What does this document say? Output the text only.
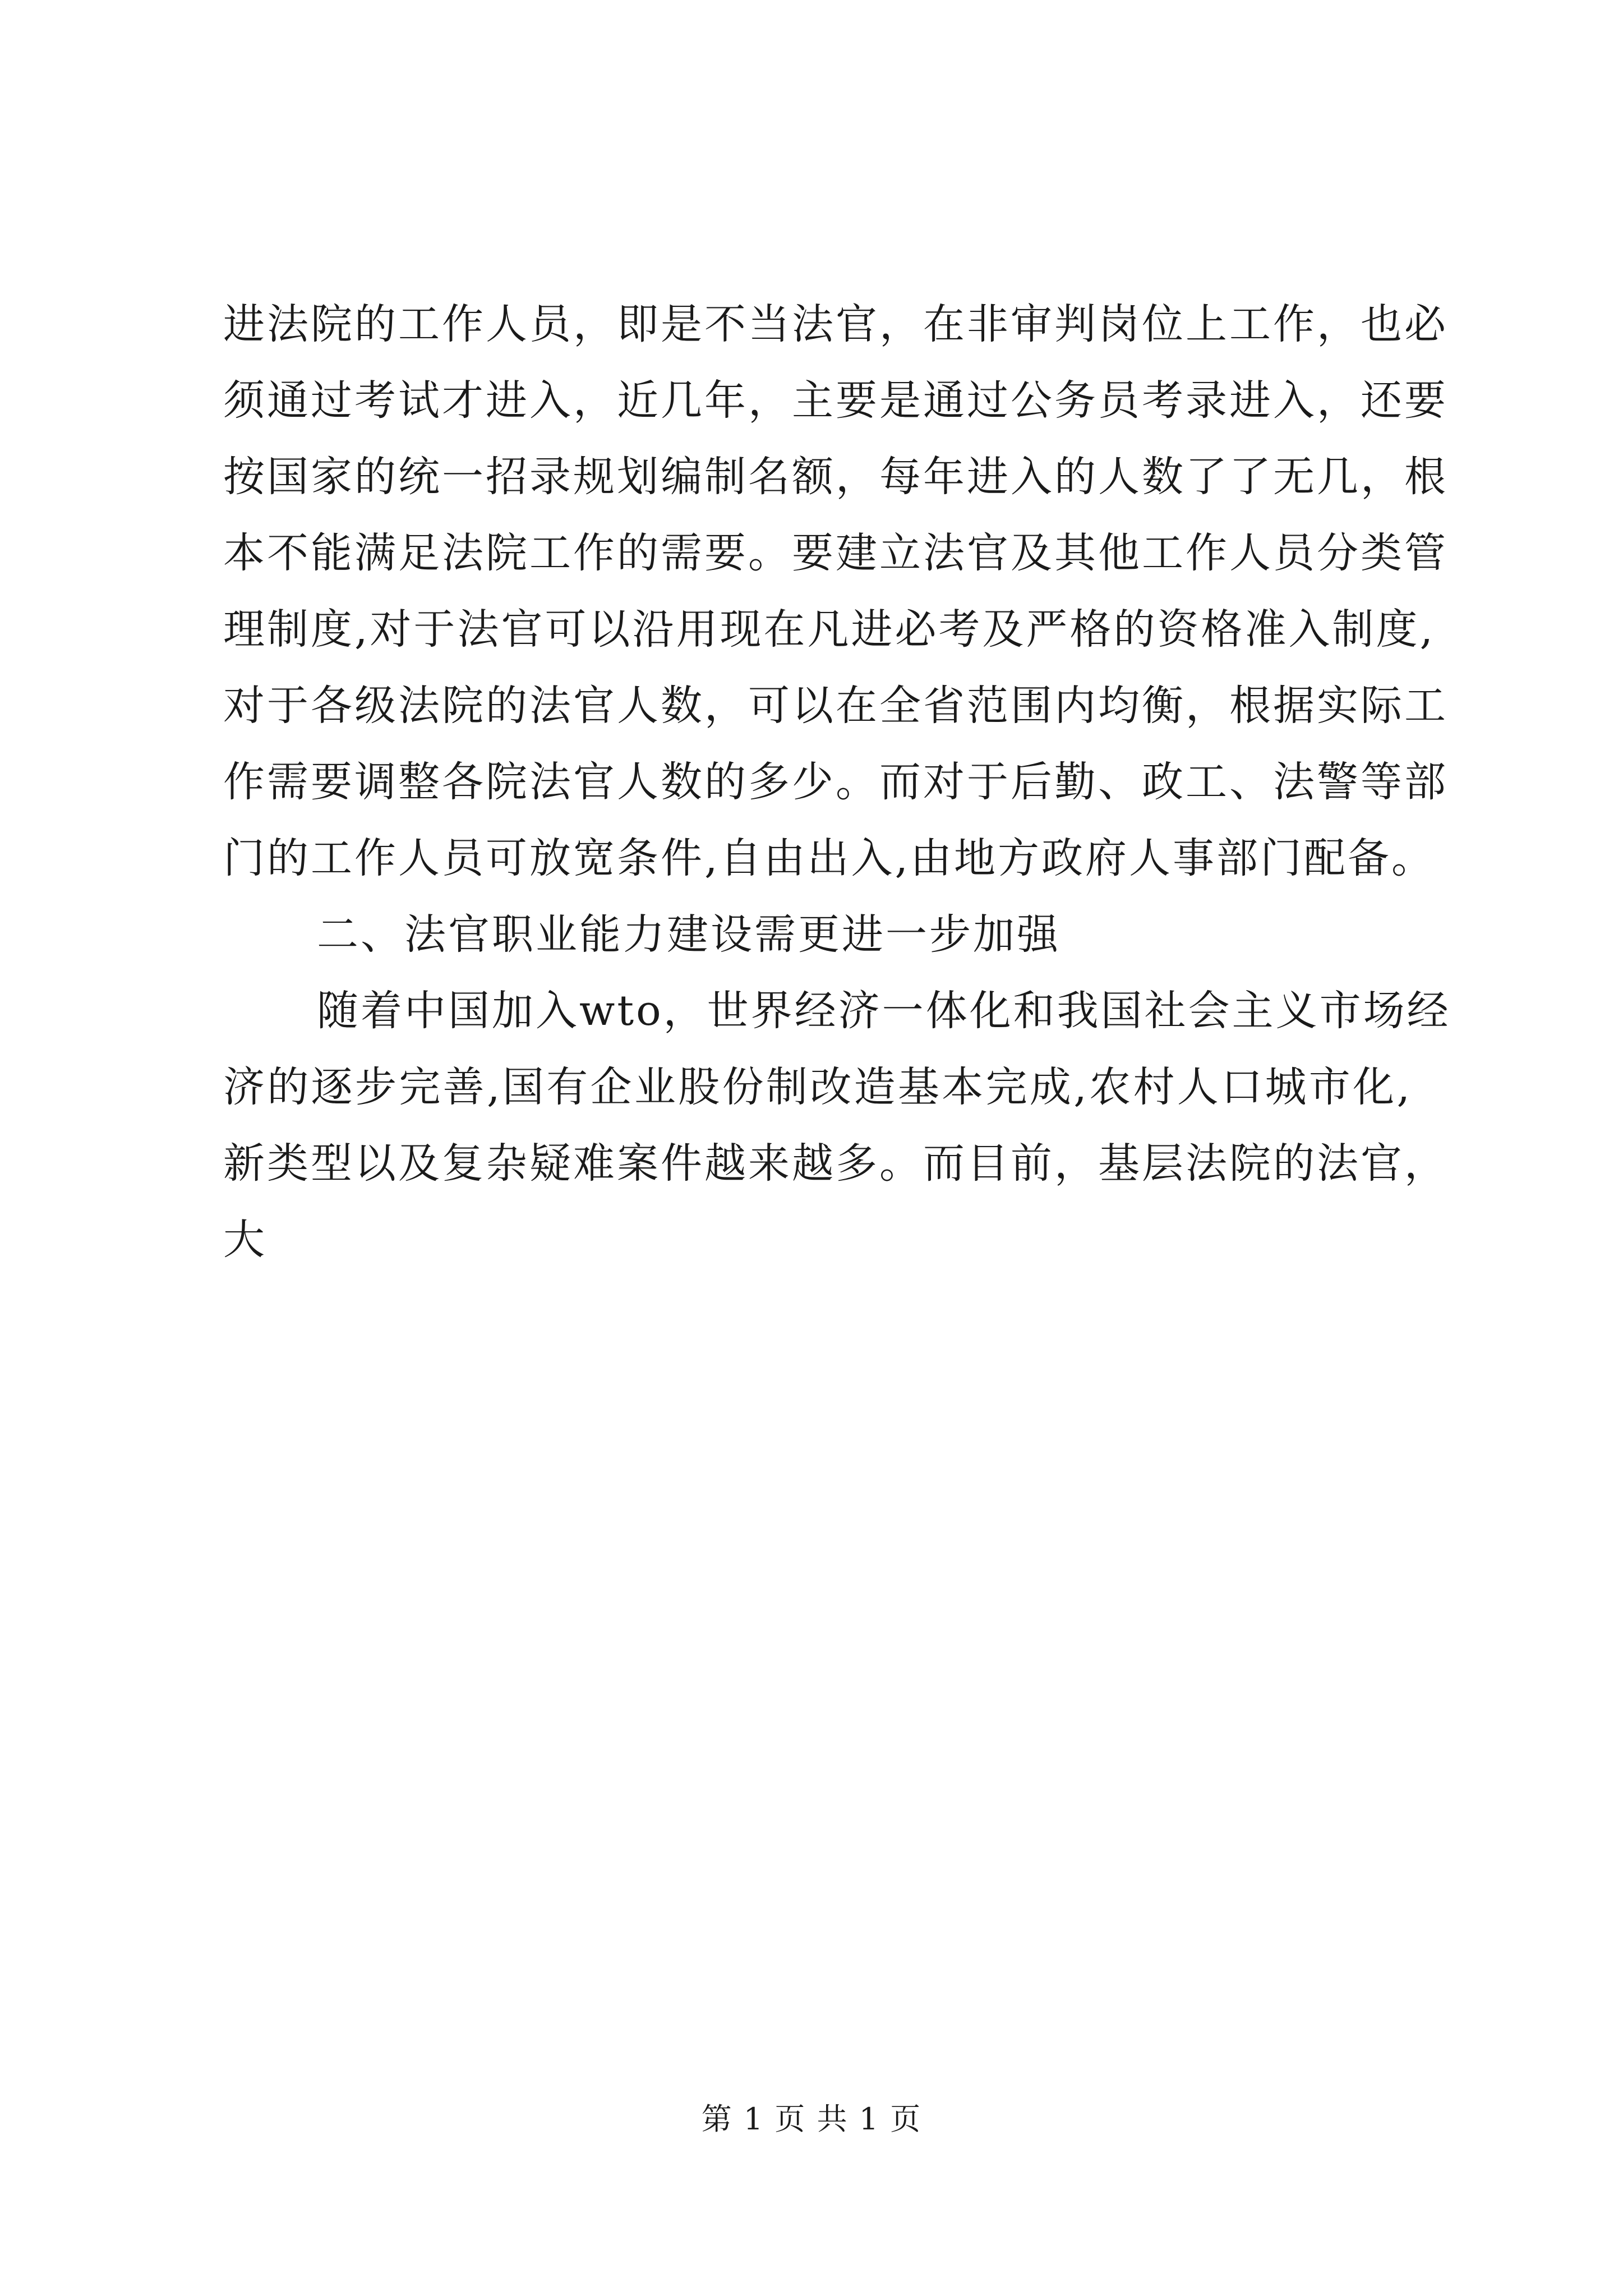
进法院的工作人员，即是不当法官，在非审判岗位上工作，也必
须通过考试才进入，近几年，主要是通过公务员考录进入，还要
按国家的统一招录规划编制名额，每年进入的人数了了无几，根
本不能满足法院工作的需要。要建立法官及其他工作人员分类管
理制度,对于法官可以沿用现在凡进必考及严格的资格准入制度,
对于各级法院的法官人数，可以在全省范围内均衡，根据实际工
作需要调整各院法官人数的多少。而对于后勤、政工、法警等部
门的工作人员可放宽条件,自由出入,由地方政府人事部门配备。
二、法官职业能力建设需更进一步加强
随着中国加入wto，世界经济一体化和我国社会主义市场经
济的逐步完善,国有企业股份制改造基本完成,农村人口城市化,
新类型以及复杂疑难案件越来越多。而目前，基层法院的法官，
大
第 1 页 共 1 页
